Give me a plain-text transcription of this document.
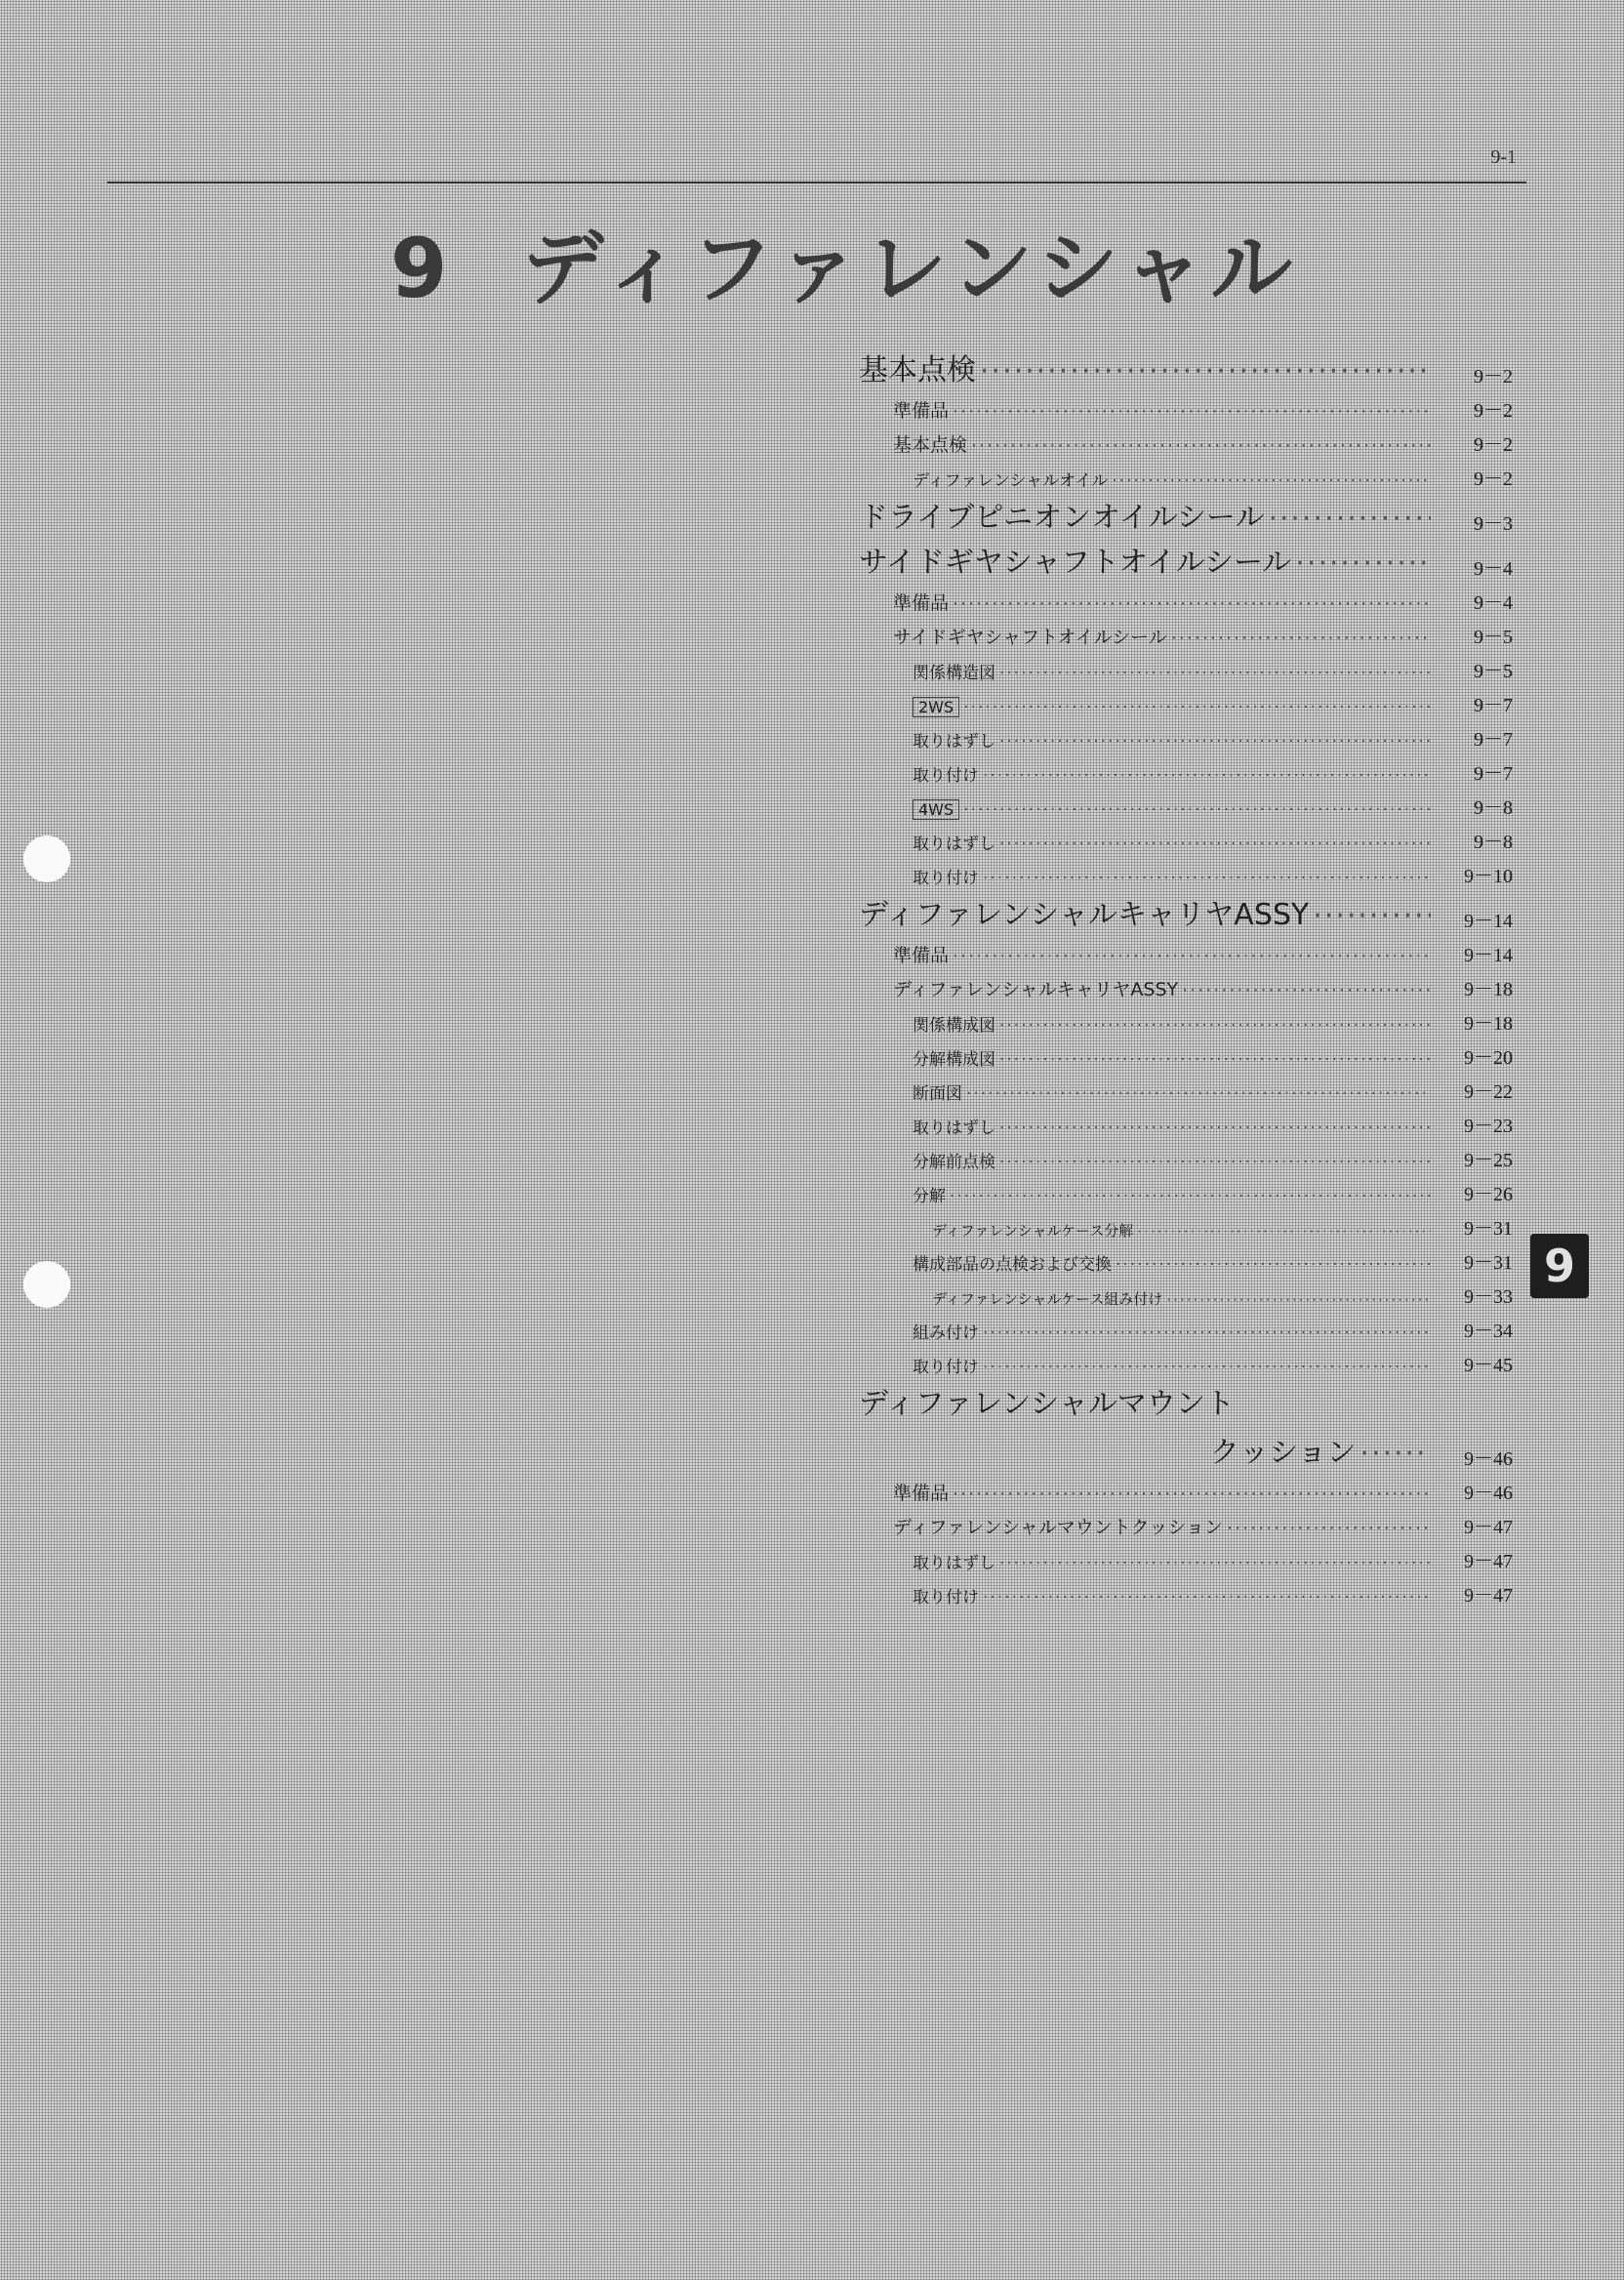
9-1
9 ディファレンシャル
基本点検 ·····	9－2
準備品 ·····	9－2
基本点検 ·····	9－2
ディファレンシャルオイル ·····	9－2
ドライブピニオンオイルシール ·····	9－3
サイドギヤシャフトオイルシール ·····	9－4
準備品 ·····	9－4
サイドギヤシャフトオイルシール ·····	9－5
関係構造図 ·····	9－5
2WS ·····	9－7
取りはずし ·····	9－7
取り付け ·····	9－7
4WS ·····	9－8
取りはずし ·····	9－8
取り付け ·····	9－10
ディファレンシャルキャリヤASSY ·····	9－14
準備品 ·····	9－14
ディファレンシャルキャリヤASSY ·····	9－18
関係構成図 ·····	9－18
分解構成図 ·····	9－20
断面図 ·····	9－22
取りはずし ·····	9－23
分解前点検 ·····	9－25
分解 ·····	9－26
ディファレンシャルケース分解 ·····	9－31
構成部品の点検および交換 ·····	9－31
ディファレンシャルケース組み付け ·····	9－33
組み付け ·····	9－34
取り付け ·····	9－45
ディファレンシャルマウント
クッション ·····	9－46
準備品 ·····	9－46
ディファレンシャルマウントクッション ·····	9－47
取りはずし ·····	9－47
取り付け ·····	9－47
9
